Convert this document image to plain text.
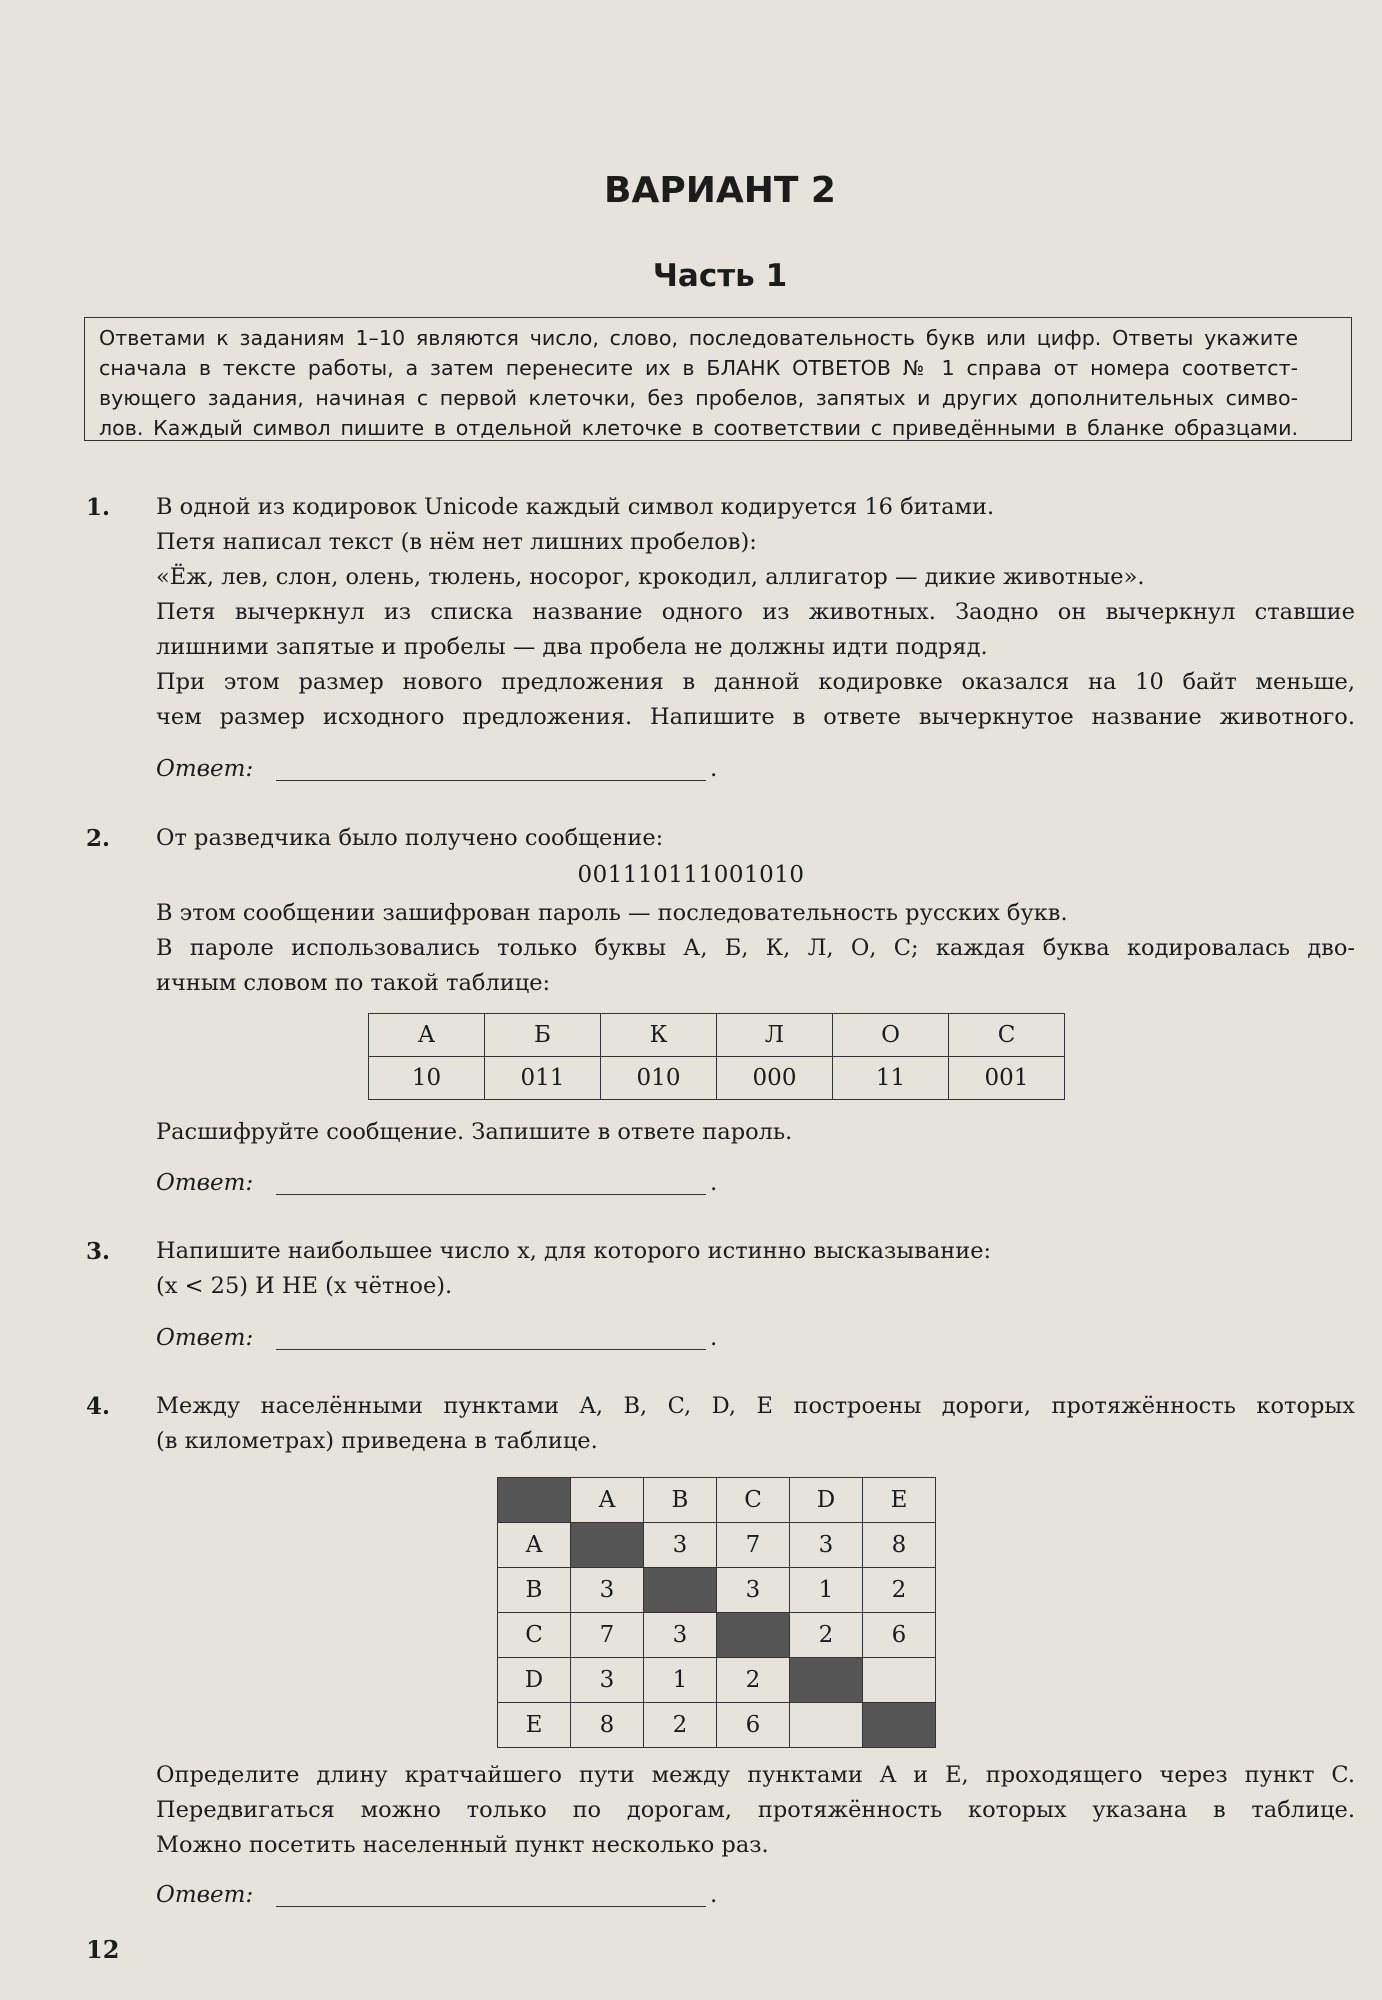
ВАРИАНТ 2
Часть 1

Ответами к заданиям 1–10 являются число, слово, последовательность букв или цифр. Ответы укажите

сначала в тексте работы, а затем перенесите их в БЛАНК ОТВЕТОВ № 1 справа от номера соответст-

вующего задания, начиная с первой клеточки, без пробелов, запятых и других дополнительных симво-

лов. Каждый символ пишите в отдельной клеточке в соответствии с приведёнными в бланке образцами.

1. В одной из кодировок Unicode каждый символ кодируется 16 битами.
Петя написал текст (в нём нет лишних пробелов):
«Ёж, лев, слон, олень, тюлень, носорог, крокодил, аллигатор — дикие животные».
Петя вычеркнул из списка название одного из животных. Заодно он вычеркнул ставшие
лишними запятые и пробелы — два пробела не должны идти подряд.
При этом размер нового предложения в данной кодировке оказался на 10 байт меньше,
чем размер исходного предложения. Напишите в ответе вычеркнутое название животного.
Ответ:	.
2. От разведчика было получено сообщение:
001110111001010
В этом сообщении зашифрован пароль — последовательность русских букв.
В пароле использовались только буквы А, Б, К, Л, О, С; каждая буква кодировалась дво-
ичным словом по такой таблице:
А	Б	К	Л	О	С
10	011	010	000	11	001
Расшифруйте сообщение. Запишите в ответе пароль.
Ответ:	.
3. Напишите наибольшее число x, для которого истинно высказывание:
(x < 25) И НЕ (x чётное).
Ответ:	.
4. Между населёнными пунктами A, B, C, D, E построены дороги, протяжённость которых
(в километрах) приведена в таблице.
	A	B	C	D	E
A		3	7	3	8
B	3		3	1	2
C	7	3		2	6
D	3	1	2		
E	8	2	6		
Определите длину кратчайшего пути между пунктами A и E, проходящего через пункт C.
Передвигаться можно только по дорогам, протяжённость которых указана в таблице.
Можно посетить населенный пункт несколько раз.
Ответ:	.
12
